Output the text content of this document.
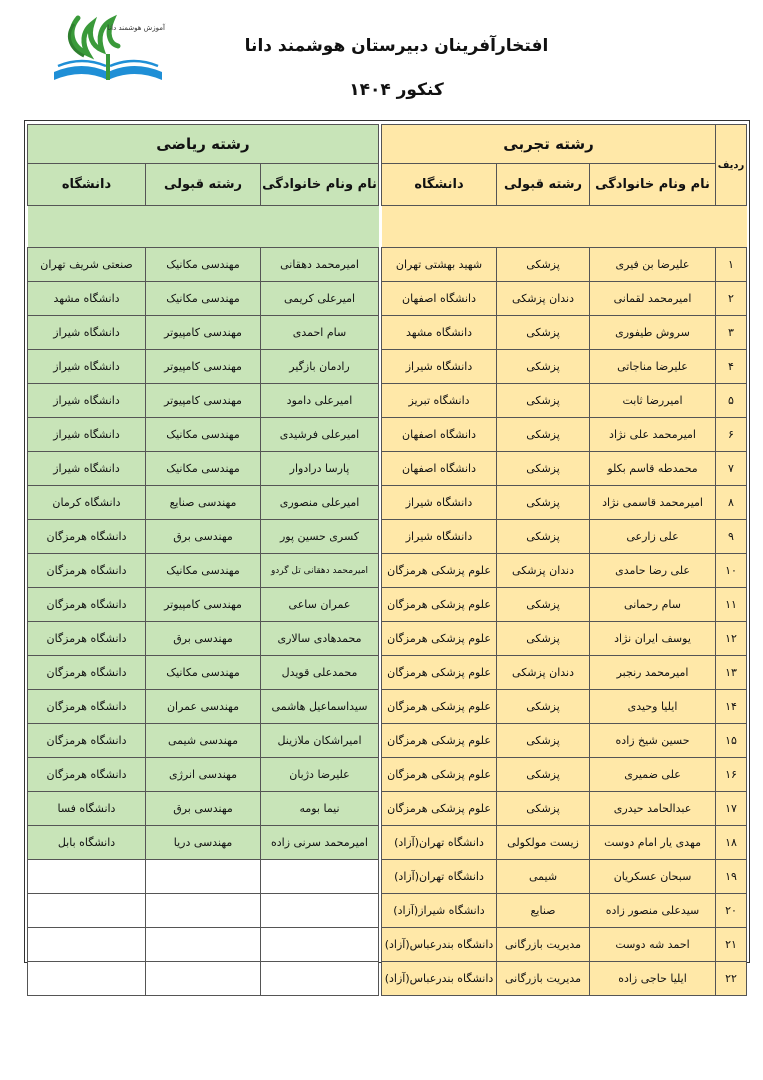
آموزش هوشمند دانا
افتخارآفرینان دبیرستان هوشمند دانا
کنکور ۱۴۰۴
ردیف	رشته تجربی		
	نام ونام خانوادگی	رشته قبولی	دانشگاه

۱	علیرضا بن فیری	پزشکی	شهید بهشتی تهران
۲	امیرمحمد لقمانی	دندان پزشکی	دانشگاه اصفهان
۳	سروش طیفوری	پزشکی	دانشگاه مشهد
۴	علیرضا مناجاتی	پزشکی	دانشگاه شیراز
۵	امیررضا ثابت	پزشکی	دانشگاه تبریز
۶	امیرمحمد علی نژاد	پزشکی	دانشگاه اصفهان
۷	محمدطه قاسم بکلو	پزشکی	دانشگاه اصفهان
۸	امیرمحمد قاسمی نژاد	پزشکی	دانشگاه شیراز
۹	علی زارعی	پزشکی	دانشگاه شیراز
۱۰	علی رضا حامدی	دندان پزشکی	علوم پزشکی هرمزگان
۱۱	سام رحمانی	پزشکی	علوم پزشکی هرمزگان
۱۲	یوسف ایران نژاد	پزشکی	علوم پزشکی هرمزگان
۱۳	امیرمحمد رنجبر	دندان پزشکی	علوم پزشکی هرمزگان
۱۴	ایلیا وحیدی	پزشکی	علوم پزشکی هرمزگان
۱۵	حسین شیخ زاده	پزشکی	علوم پزشکی هرمزگان
۱۶	علی ضمیری	پزشکی	علوم پزشکی هرمزگان
۱۷	عبدالحامد حیدری	پزشکی	علوم پزشکی هرمزگان
۱۸	مهدی یار امام دوست	زیست مولکولی	دانشگاه تهران(آزاد)
۱۹	سبحان عسکریان	شیمی	دانشگاه تهران(آزاد)
۲۰	سیدعلی منصور زاده	صنایع	دانشگاه شیراز(آزاد)
۲۱	احمد شه دوست	مدیریت بازرگانی	دانشگاه بندرعباس(آزاد)
۲۲	ایلیا حاجی زاده	مدیریت بازرگانی	دانشگاه بندرعباس(آزاد)
رشته ریاضی		
نام ونام خانوادگی	رشته قبولی	دانشگاه

امیرمحمد دهقانی	مهندسی مکانیک	صنعتی شریف تهران
امیرعلی کریمی	مهندسی مکانیک	دانشگاه مشهد
سام احمدی	مهندسی کامپیوتر	دانشگاه شیراز
رادمان بازگیر	مهندسی کامپیوتر	دانشگاه شیراز
امیرعلی دامود	مهندسی کامپیوتر	دانشگاه شیراز
امیرعلی فرشیدی	مهندسی مکانیک	دانشگاه شیراز
پارسا درادوار	مهندسی مکانیک	دانشگاه شیراز
امیرعلی منصوری	مهندسی صنایع	دانشگاه کرمان
کسری حسین پور	مهندسی برق	دانشگاه هرمزگان
امیرمحمد دهقانی تل گردو	مهندسی مکانیک	دانشگاه هرمزگان
عمران ساعی	مهندسی کامپیوتر	دانشگاه هرمزگان
محمدهادی سالاری	مهندسی برق	دانشگاه هرمزگان
محمدعلی قویدل	مهندسی مکانیک	دانشگاه هرمزگان
سیداسماعیل هاشمی	مهندسی عمران	دانشگاه هرمزگان
امیراشکان ملازینل	مهندسی شیمی	دانشگاه هرمزگان
علیرضا دژبان	مهندسی انرژی	دانشگاه هرمزگان
نیما بومه	مهندسی برق	دانشگاه فسا
امیرمحمد سرنی زاده	مهندسی دریا	دانشگاه بابل
